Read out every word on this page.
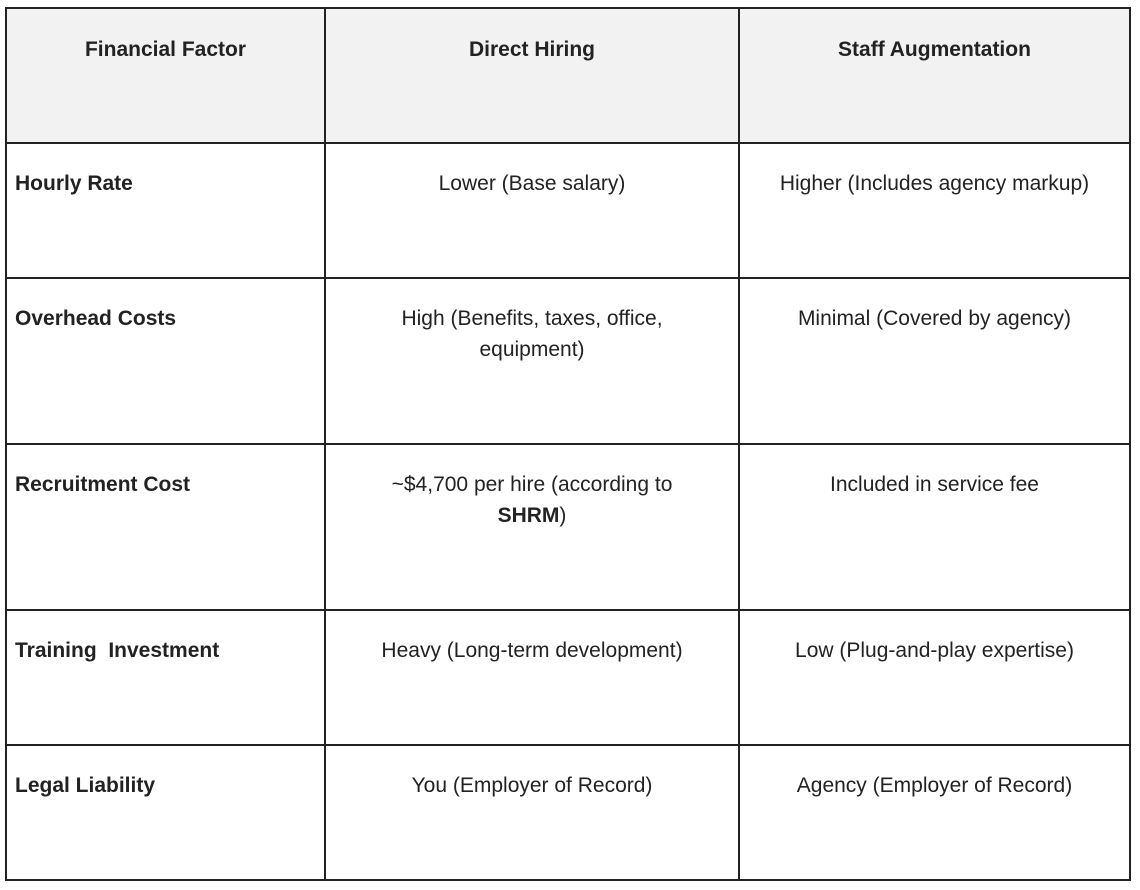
Financial Factor	Direct Hiring	Staff Augmentation
Hourly Rate	Lower (Base salary)	Higher (Includes agency markup)
Overhead Costs	High (Benefits, taxes, office, equipment)	Minimal (Covered by agency)
Recruitment Cost	~$4,700 per hire (according to SHRM)	Included in service fee
Training  Investment	Heavy (Long-term development)	Low (Plug-and-play expertise)
Legal Liability	You (Employer of Record)	Agency (Employer of Record)
